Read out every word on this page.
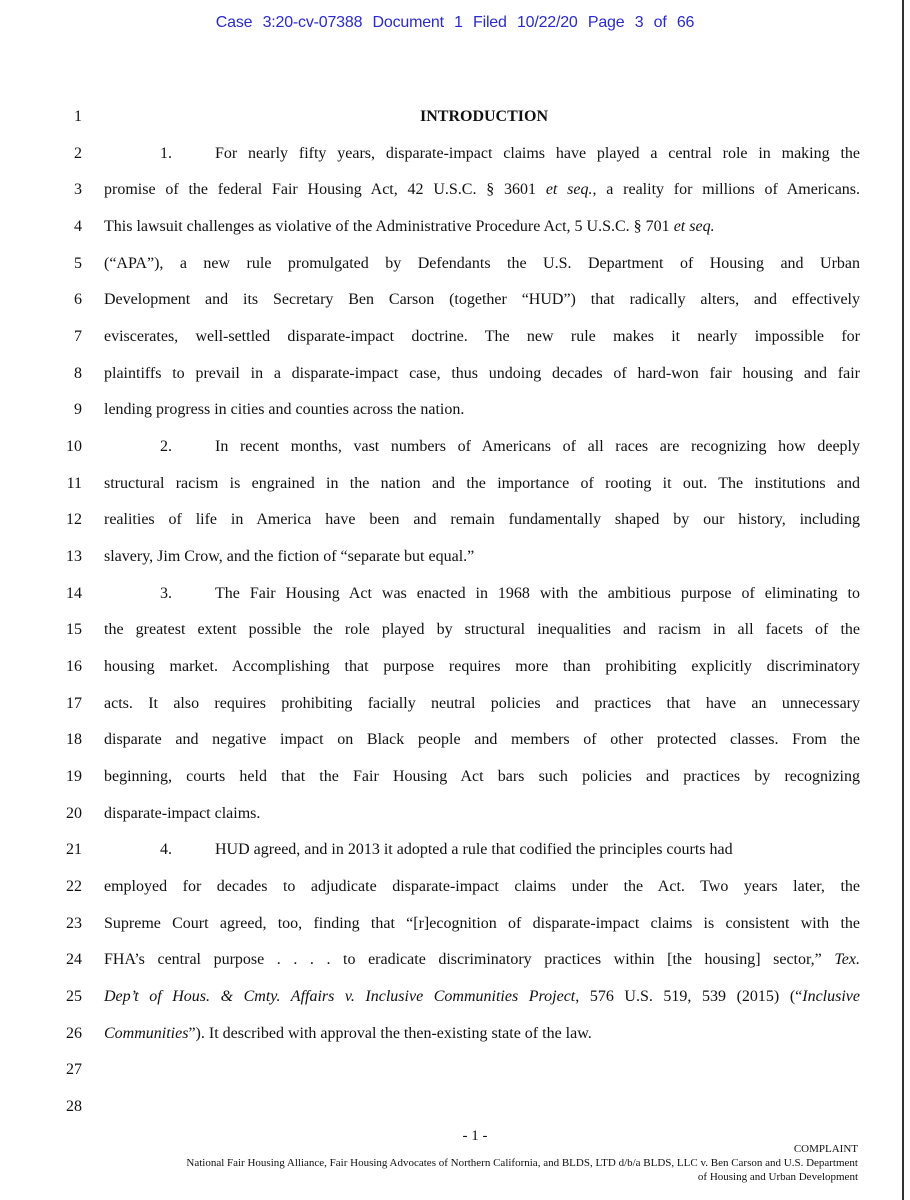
Case 3:20-cv-07388 Document 1 Filed 10/22/20 Page 3 of 66
1	INTRODUCTION
2	1.	For nearly fifty years, disparate-impact claims have played a central role in making the
3 promise of the federal Fair Housing Act, 42 U.S.C. § 3601 et seq., a reality for millions of Americans.
4 This lawsuit challenges as violative of the Administrative Procedure Act, 5 U.S.C. § 701 et seq.
5 (“APA”), a new rule promulgated by Defendants the U.S. Department of Housing and Urban
6 Development and its Secretary Ben Carson (together “HUD”) that radically alters, and effectively
7 eviscerates, well-settled disparate-impact doctrine. The new rule makes it nearly impossible for
8 plaintiffs to prevail in a disparate-impact case, thus undoing decades of hard-won fair housing and fair
9 lending progress in cities and counties across the nation.
10	2.	In recent months, vast numbers of Americans of all races are recognizing how deeply
11 structural racism is engrained in the nation and the importance of rooting it out. The institutions and
12 realities of life in America have been and remain fundamentally shaped by our history, including
13 slavery, Jim Crow, and the fiction of “separate but equal.”
14	3.	The Fair Housing Act was enacted in 1968 with the ambitious purpose of eliminating to
15 the greatest extent possible the role played by structural inequalities and racism in all facets of the
16 housing market. Accomplishing that purpose requires more than prohibiting explicitly discriminatory
17 acts. It also requires prohibiting facially neutral policies and practices that have an unnecessary
18 disparate and negative impact on Black people and members of other protected classes. From the
19 beginning, courts held that the Fair Housing Act bars such policies and practices by recognizing
20 disparate-impact claims.
21	4.	HUD agreed, and in 2013 it adopted a rule that codified the principles courts had
22 employed for decades to adjudicate disparate-impact claims under the Act. Two years later, the
23 Supreme Court agreed, too, finding that “[r]ecognition of disparate-impact claims is consistent with the
24 FHA’s central purpose . . . . to eradicate discriminatory practices within [the housing] sector,” Tex.
25 Dep’t of Hous. & Cmty. Affairs v. Inclusive Communities Project, 576 U.S. 519, 539 (2015) (“Inclusive
26 Communities”). It described with approval the then-existing state of the law.
27
28
- 1 -
COMPLAINT
National Fair Housing Alliance, Fair Housing Advocates of Northern California, and BLDS, LTD d/b/a BLDS, LLC v. Ben Carson and U.S. Department
of Housing and Urban Development
